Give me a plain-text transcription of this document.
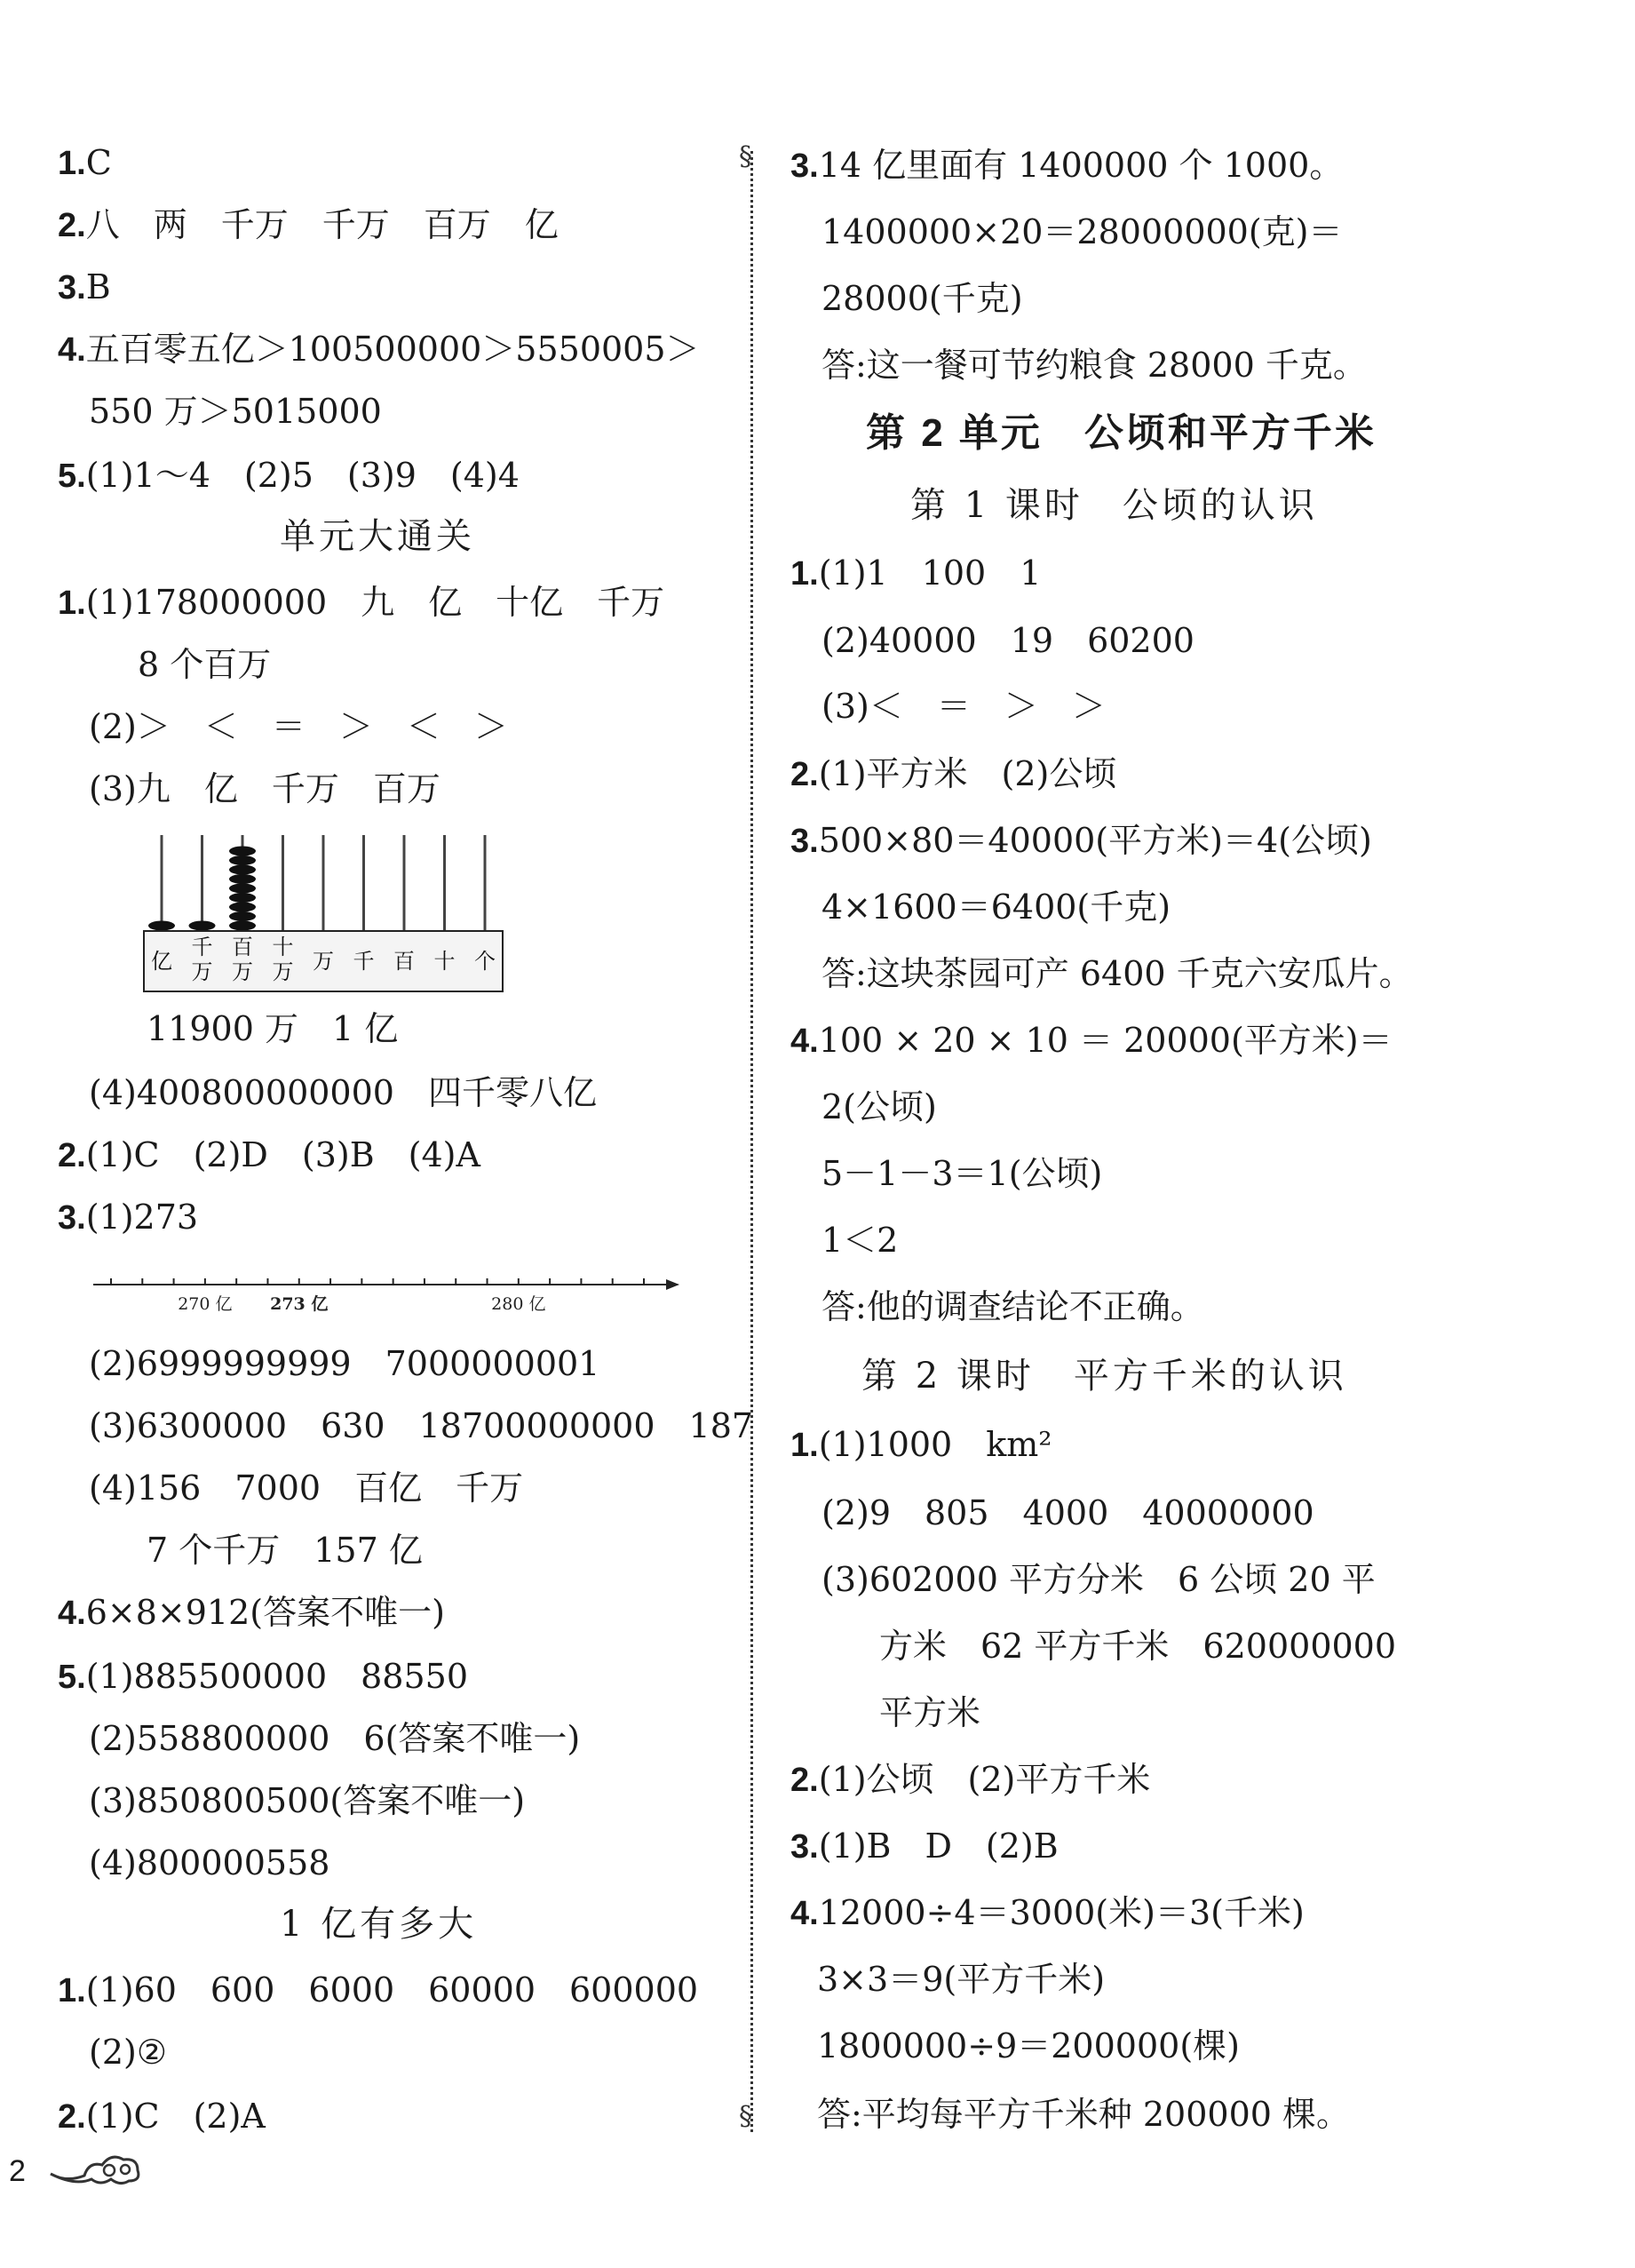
1.C
2.八　两　千万　千万　百万　亿
3.B
4.五百零五亿＞100500000＞5550005＞
550 万＞5015000
5.(1)1～4　(2)5　(3)9　(4)4
单元大通关
1.(1)178000000　九　亿　十亿　千万
8 个百万
(2)＞　＜　＝　＞　＜　＞
(3)九　亿　千万　百万
亿
千
万
百
万
十
万 万 千 百 十 个
11900 万　1 亿
(4)400800000000　四千零八亿
2.(1)C　(2)D　(3)B　(4)A
3.(1)273
270 亿 273 亿	280 亿
(2)6999999999　7000000001
(3)6300000　630　18700000000　187
(4)156　7000　百亿　千万
7 个千万　157 亿
4.6×8×912(答案不唯一)
5.(1)885500000　88550
(2)558800000　6(答案不唯一)
(3)850800500(答案不唯一)
(4)800000558
1 亿有多大
1.(1)60　600　6000　60000　600000
(2)②
2.(1)C　(2)A
§
§
3.14 亿里面有 1400000 个 1000。
1400000×20＝28000000(克)＝
28000(千克)
答:这一餐可节约粮食 28000 千克。
第 2 单元　公顷和平方千米
第 1 课时　公顷的认识
1.(1)1　100　1
(2)40000　19　60200
(3)＜　＝　＞　＞
2.(1)平方米　(2)公顷
3.500×80＝40000(平方米)＝4(公顷)
4×1600＝6400(千克)
答:这块茶园可产 6400 千克六安瓜片。
4.100 × 20 × 10 ＝ 20000(平方米)＝
2(公顷)
5－1－3＝1(公顷)
1＜2
答:他的调查结论不正确。
第 2 课时　平方千米的认识
1.(1)1000　km²
(2)9　805　4000　40000000
(3)602000 平方分米　6 公顷 20 平
方米　62 平方千米　620000000
平方米
2.(1)公顷　(2)平方千米
3.(1)B　D　(2)B
4.12000÷4＝3000(米)＝3(千米)
3×3＝9(平方千米)
1800000÷9＝200000(棵)
答:平均每平方千米种 200000 棵。
2
